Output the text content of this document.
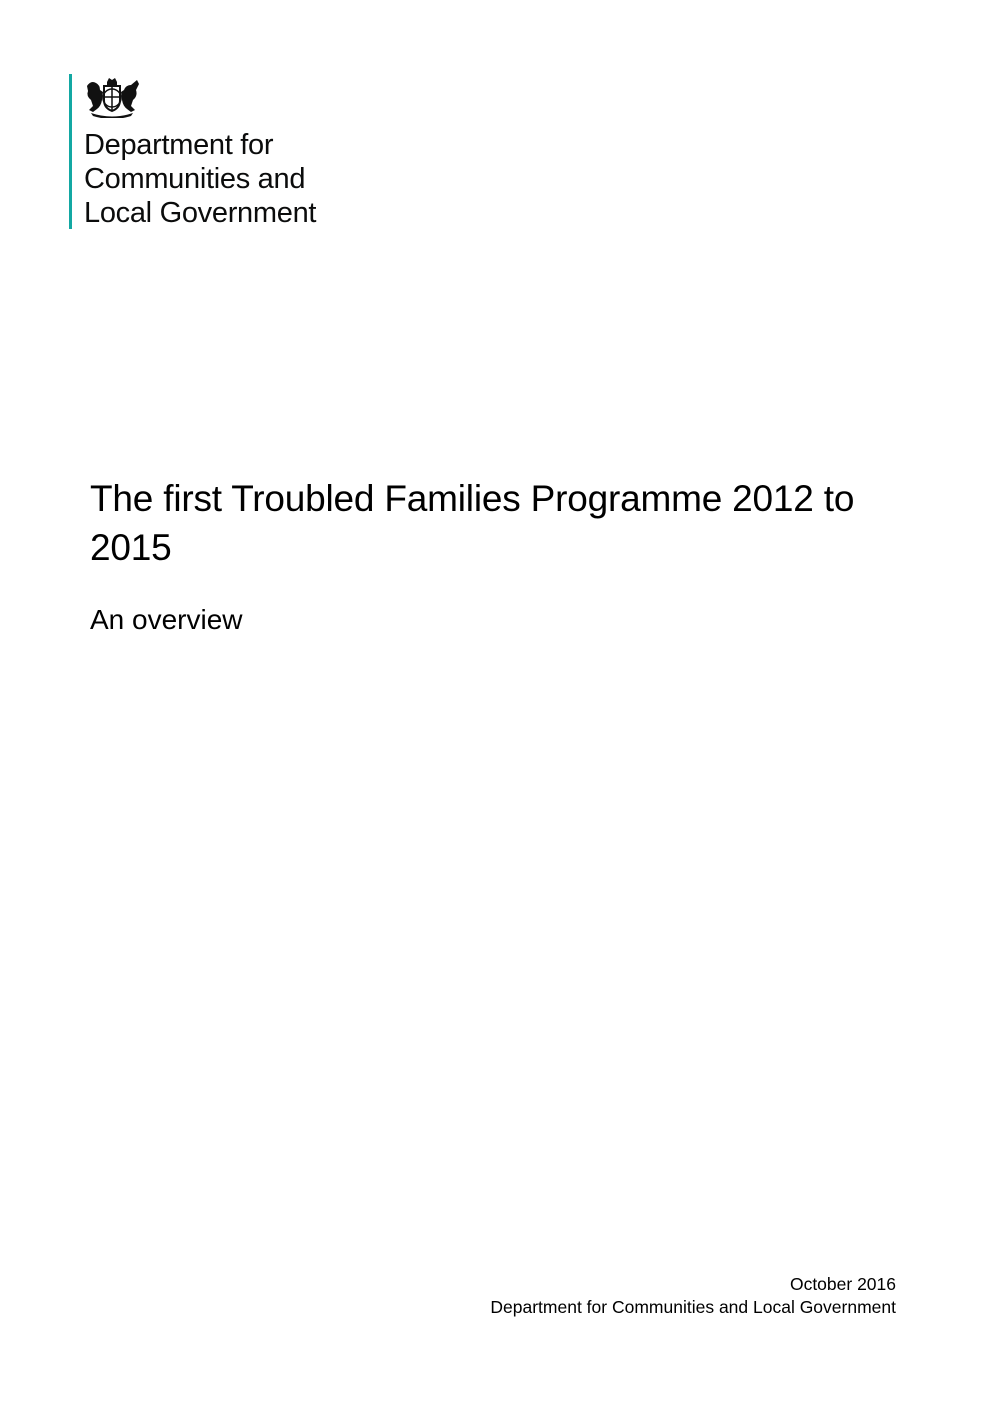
Department for
Communities and
Local Government
The first Troubled Families Programme 2012 to 2015
An overview
October 2016
Department for Communities and Local Government
